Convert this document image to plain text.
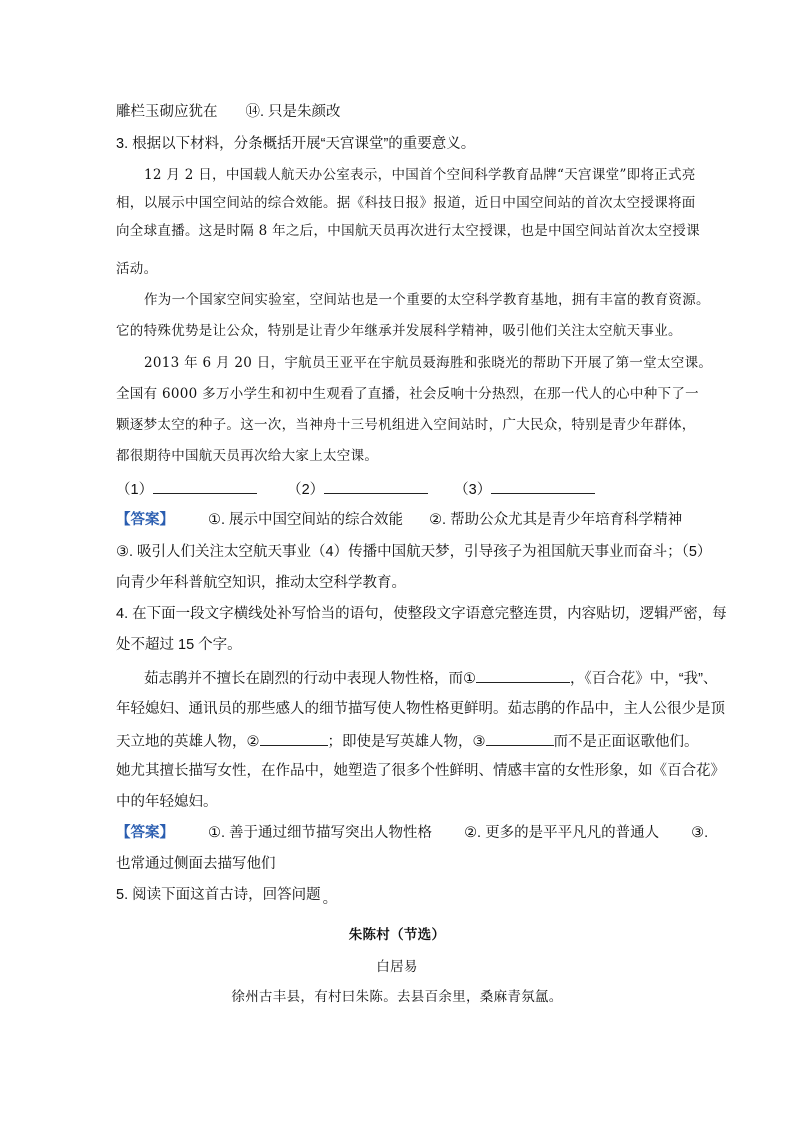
雕栏玉砌应犹在 ⑭. 只是朱颜改
3. 根据以下材料，分条概括开展“天宫课堂”的重要意义。
12 月 2 日，中国载人航天办公室表示，中国首个空间科学教育品牌“天宫课堂”即将正式亮
相，以展示中国空间站的综合效能。据《科技日报》报道，近日中国空间站的首次太空授课将面
向全球直播。这是时隔 8 年之后，中国航天员再次进行太空授课，也是中国空间站首次太空授课
活动。
作为一个国家空间实验室，空间站也是一个重要的太空科学教育基地，拥有丰富的教育资源。
它的特殊优势是让公众，特别是让青少年继承并发展科学精神，吸引他们关注太空航天事业。
2013 年 6 月 20 日，宇航员王亚平在宇航员聂海胜和张晓光的帮助下开展了第一堂太空课。
全国有 6000 多万小学生和初中生观看了直播，社会反响十分热烈，在那一代人的心中种下了一
颗逐梦太空的种子。这一次，当神舟十三号机组进入空间站时，广大民众，特别是青少年群体，
都很期待中国航天员再次给大家上太空课。
（1）	（2）	（3）
【答案】 ①. 展示中国空间站的综合效能 ②. 帮助公众尤其是青少年培育科学精神
③. 吸引人们关注太空航天事业（4）传播中国航天梦，引导孩子为祖国航天事业而奋斗；（5）
向青少年科普航空知识，推动太空科学教育。
4. 在下面一段文字横线处补写恰当的语句，使整段文字语意完整连贯，内容贴切，逻辑严密，每
处不超过 15 个字。
茹志鹃并不擅长在剧烈的行动中表现人物性格，而①	，《百合花》中，“我”、
年轻媳妇、通讯员的那些感人的细节描写使人物性格更鲜明。茹志鹃的作品中，主人公很少是顶
天立地的英雄人物，②	；即使是写英雄人物，③	而不是正面讴歌他们。
她尤其擅长描写女性，在作品中，她塑造了很多个性鲜明、情感丰富的女性形象，如《百合花》
中的年轻媳妇。
【答案】 ①. 善于通过细节描写突出人物性格 ②. 更多的是平平凡凡的普通人 ③.
也常通过侧面去描写他们
5. 阅读下面这首古诗，回答问题 。
朱陈村（节选）
白居易
徐州古丰县，有村曰朱陈。去县百余里，桑麻青氛氲。
